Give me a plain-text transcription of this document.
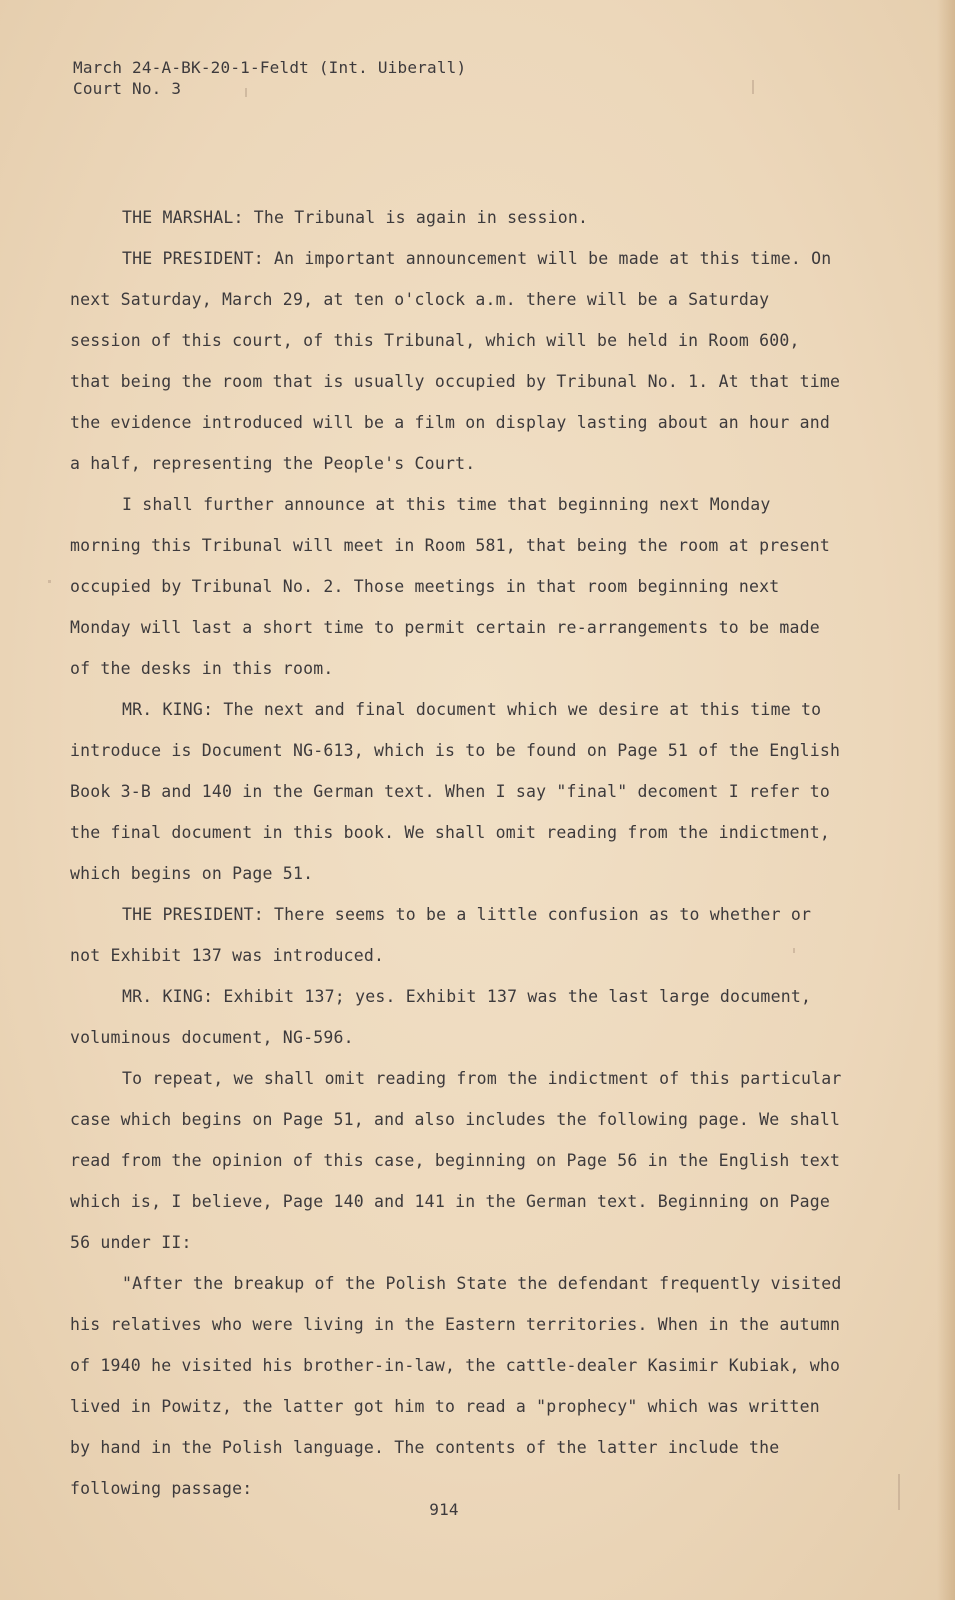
March 24-A-BK-20-1-Feldt (Int. Uiberall)
Court No. 3

THE MARSHAL: The Tribunal is again in session.

THE PRESIDENT: An important announcement will be made at this time. On next Saturday, March 29, at ten o'clock a.m. there will be a Saturday session of this court, of this Tribunal, which will be held in Room 600, that being the room that is usually occupied by Tribunal No. 1. At that time the evidence introduced will be a film on display lasting about an hour and a half, representing the People's Court.

I shall further announce at this time that beginning next Monday morning this Tribunal will meet in Room 581, that being the room at present occupied by Tribunal No. 2. Those meetings in that room beginning next Monday will last a short time to permit certain re-arrangements to be made of the desks in this room.

MR. KING: The next and final document which we desire at this time to introduce is Document NG-613, which is to be found on Page 51 of the English Book 3-B and 140 in the German text. When I say "final" decoment I refer to the final document in this book. We shall omit reading from the indictment, which begins on Page 51.

THE PRESIDENT: There seems to be a little confusion as to whether or not Exhibit 137 was introduced.

MR. KING: Exhibit 137; yes. Exhibit 137 was the last large document, voluminous document, NG-596.

To repeat, we shall omit reading from the indictment of this particular case which begins on Page 51, and also includes the following page. We shall read from the opinion of this case, beginning on Page 56 in the English text which is, I believe, Page 140 and 141 in the German text. Beginning on Page 56 under II:

"After the breakup of the Polish State the defendant frequently visited his relatives who were living in the Eastern territories. When in the autumn of 1940 he visited his brother-in-law, the cattle-dealer Kasimir Kubiak, who lived in Powitz, the latter got him to read a "prophecy" which was written by hand in the Polish language. The contents of the latter include the following passage:

914
